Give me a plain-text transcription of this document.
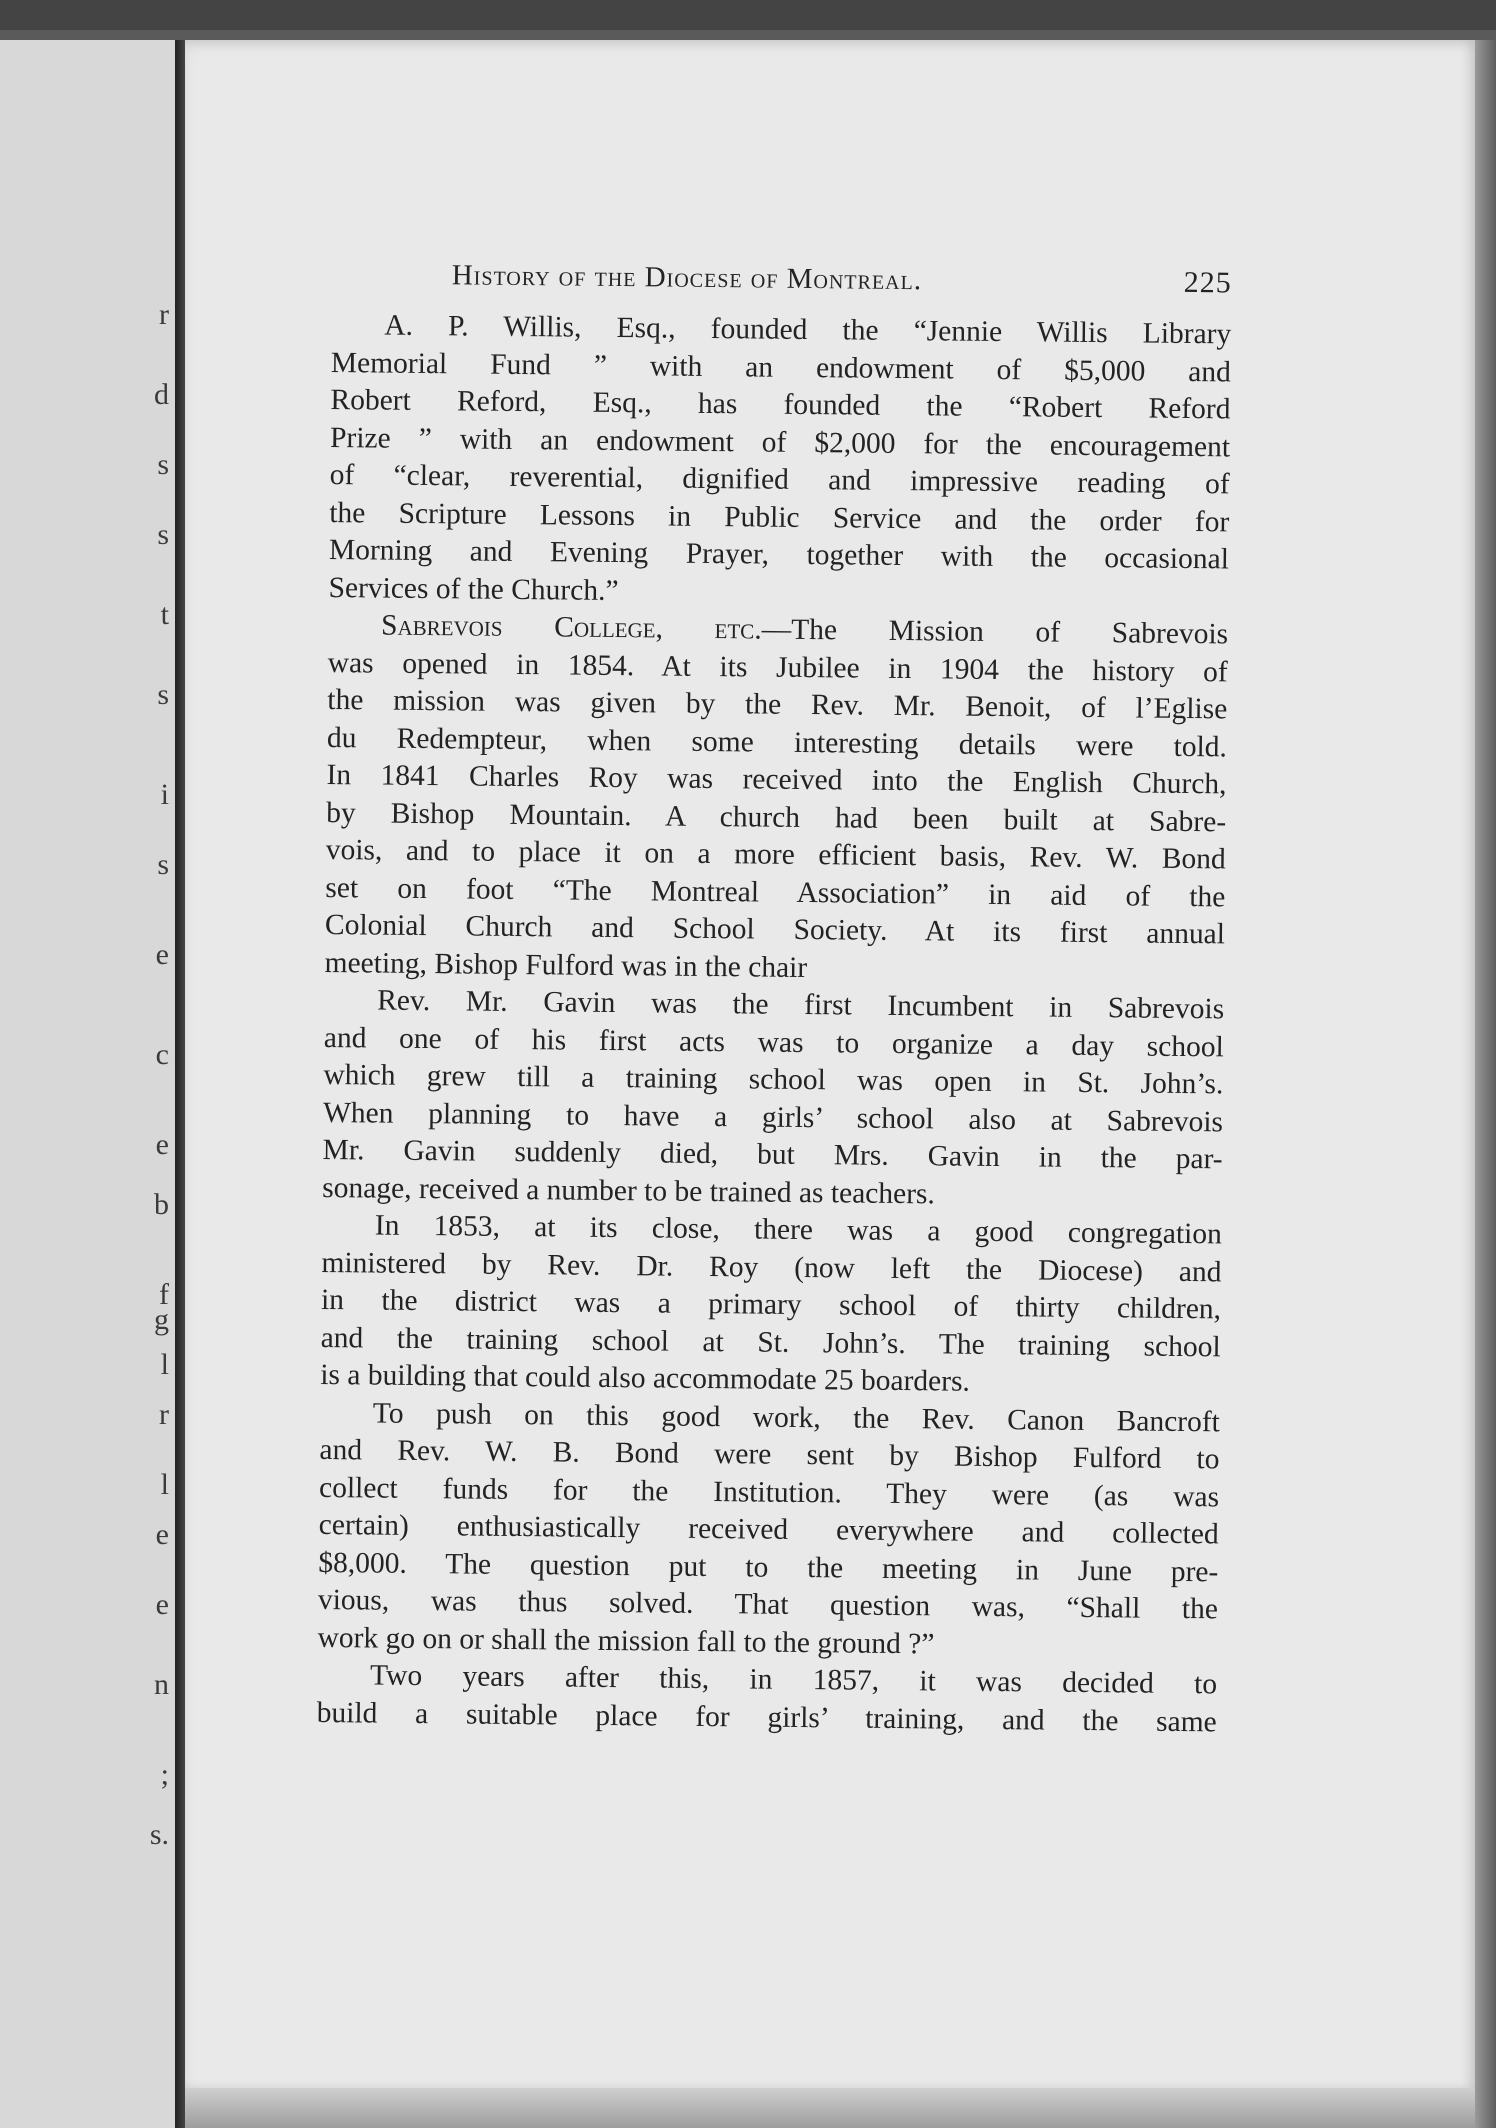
r
d
s
s
t
s
i
s
e
c
e
b
f
g
l
r
l
e
e
n
;
s.
History of the Diocese of Montreal.	225
A. P. Willis, Esq., founded the “Jennie Willis Library
Memorial Fund ” with an endowment of $5,000 and
Robert Reford, Esq., has founded the “Robert Reford
Prize ” with an endowment of $2,000 for the encouragement
of “clear, reverential, dignified and impressive reading of
the Scripture Lessons in Public Service and the order for
Morning and Evening Prayer, together with the occasional
Services of the Church.”
Sabrevois College, etc.—The Mission of Sabrevois
was opened in 1854. At its Jubilee in 1904 the history of
the mission was given by the Rev. Mr. Benoit, of l’Eglise
du Redempteur, when some interesting details were told.
In 1841 Charles Roy was received into the English Church,
by Bishop Mountain. A church had been built at Sabre-
vois, and to place it on a more efficient basis, Rev. W. Bond
set on foot “The Montreal Association” in aid of the
Colonial Church and School Society. At its first annual
meeting, Bishop Fulford was in the chair
Rev. Mr. Gavin was the first Incumbent in Sabrevois
and one of his first acts was to organize a day school
which grew till a training school was open in St. John’s.
When planning to have a girls’ school also at Sabrevois
Mr. Gavin suddenly died, but Mrs. Gavin in the par-
sonage, received a number to be trained as teachers.
In 1853, at its close, there was a good congregation
ministered by Rev. Dr. Roy (now left the Diocese) and
in the district was a primary school of thirty children,
and the training school at St. John’s. The training school
is a building that could also accommodate 25 boarders.
To push on this good work, the Rev. Canon Bancroft
and Rev. W. B. Bond were sent by Bishop Fulford to
collect funds for the Institution. They were (as was
certain) enthusiastically received everywhere and collected
$8,000. The question put to the meeting in June pre-
vious, was thus solved. That question was, “Shall the
work go on or shall the mission fall to the ground ?”
Two years after this, in 1857, it was decided to
build a suitable place for girls’ training, and the same
